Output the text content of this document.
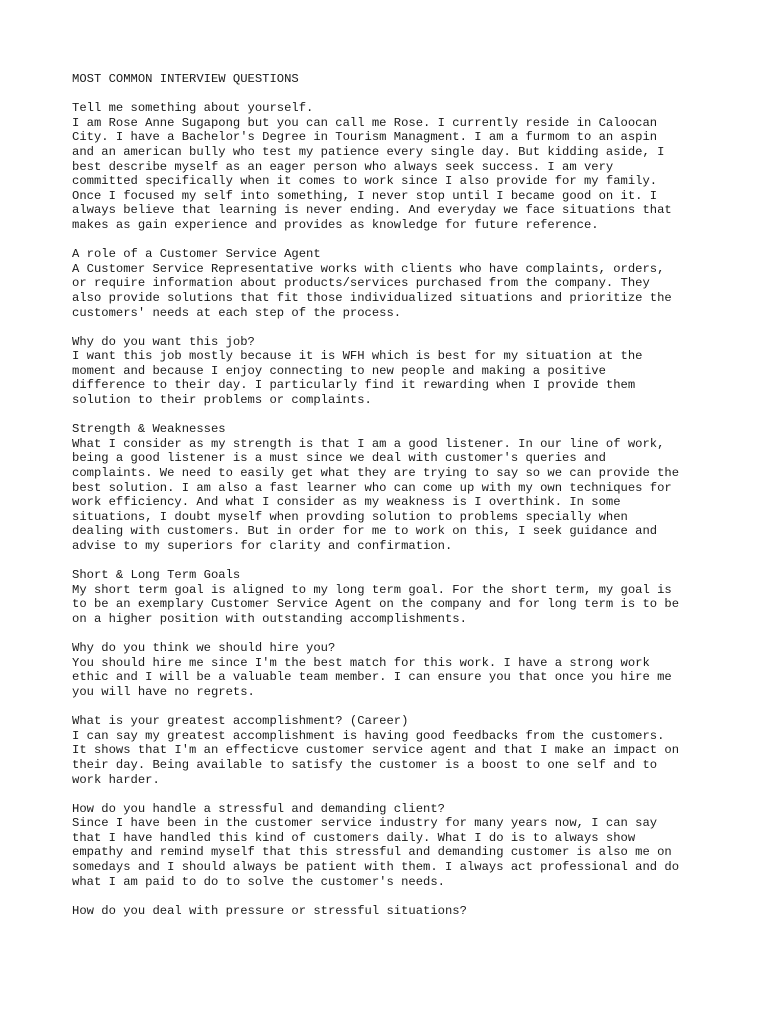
MOST COMMON INTERVIEW QUESTIONS

Tell me something about yourself.

I am Rose Anne Sugapong but you can call me Rose. I currently reside in Caloocan
City. I have a Bachelor's Degree in Tourism Managment. I am a furmom to an aspin
and an american bully who test my patience every single day. But kidding aside, I
best describe myself as an eager person who always seek success. I am very
committed specifically when it comes to work since I also provide for my family.
Once I focused my self into something, I never stop until I became good on it. I
always believe that learning is never ending. And everyday we face situations that
makes as gain experience and provides as knowledge for future reference.

A role of a Customer Service Agent

A Customer Service Representative works with clients who have complaints, orders,
or require information about products/services purchased from the company. They
also provide solutions that fit those individualized situations and prioritize the
customers' needs at each step of the process.

Why do you want this job?

I want this job mostly because it is WFH which is best for my situation at the
moment and because I enjoy connecting to new people and making a positive
difference to their day. I particularly find it rewarding when I provide them
solution to their problems or complaints.

Strength & Weaknesses

What I consider as my strength is that I am a good listener. In our line of work,
being a good listener is a must since we deal with customer's queries and
complaints. We need to easily get what they are trying to say so we can provide the
best solution. I am also a fast learner who can come up with my own techniques for
work efficiency. And what I consider as my weakness is I overthink. In some
situations, I doubt myself when provding solution to problems specially when
dealing with customers. But in order for me to work on this, I seek guidance and
advise to my superiors for clarity and confirmation.

Short & Long Term Goals

My short term goal is aligned to my long term goal. For the short term, my goal is
to be an exemplary Customer Service Agent on the company and for long term is to be
on a higher position with outstanding accomplishments.

Why do you think we should hire you?

You should hire me since I'm the best match for this work. I have a strong work
ethic and I will be a valuable team member. I can ensure you that once you hire me
you will have no regrets.

What is your greatest accomplishment? (Career)

I can say my greatest accomplishment is having good feedbacks from the customers.
It shows that I'm an effecticve customer service agent and that I make an impact on
their day. Being available to satisfy the customer is a boost to one self and to
work harder.

How do you handle a stressful and demanding client?

Since I have been in the customer service industry for many years now, I can say
that I have handled this kind of customers daily. What I do is to always show
empathy and remind myself that this stressful and demanding customer is also me on
somedays and I should always be patient with them. I always act professional and do
what I am paid to do to solve the customer's needs.

How do you deal with pressure or stressful situations?
